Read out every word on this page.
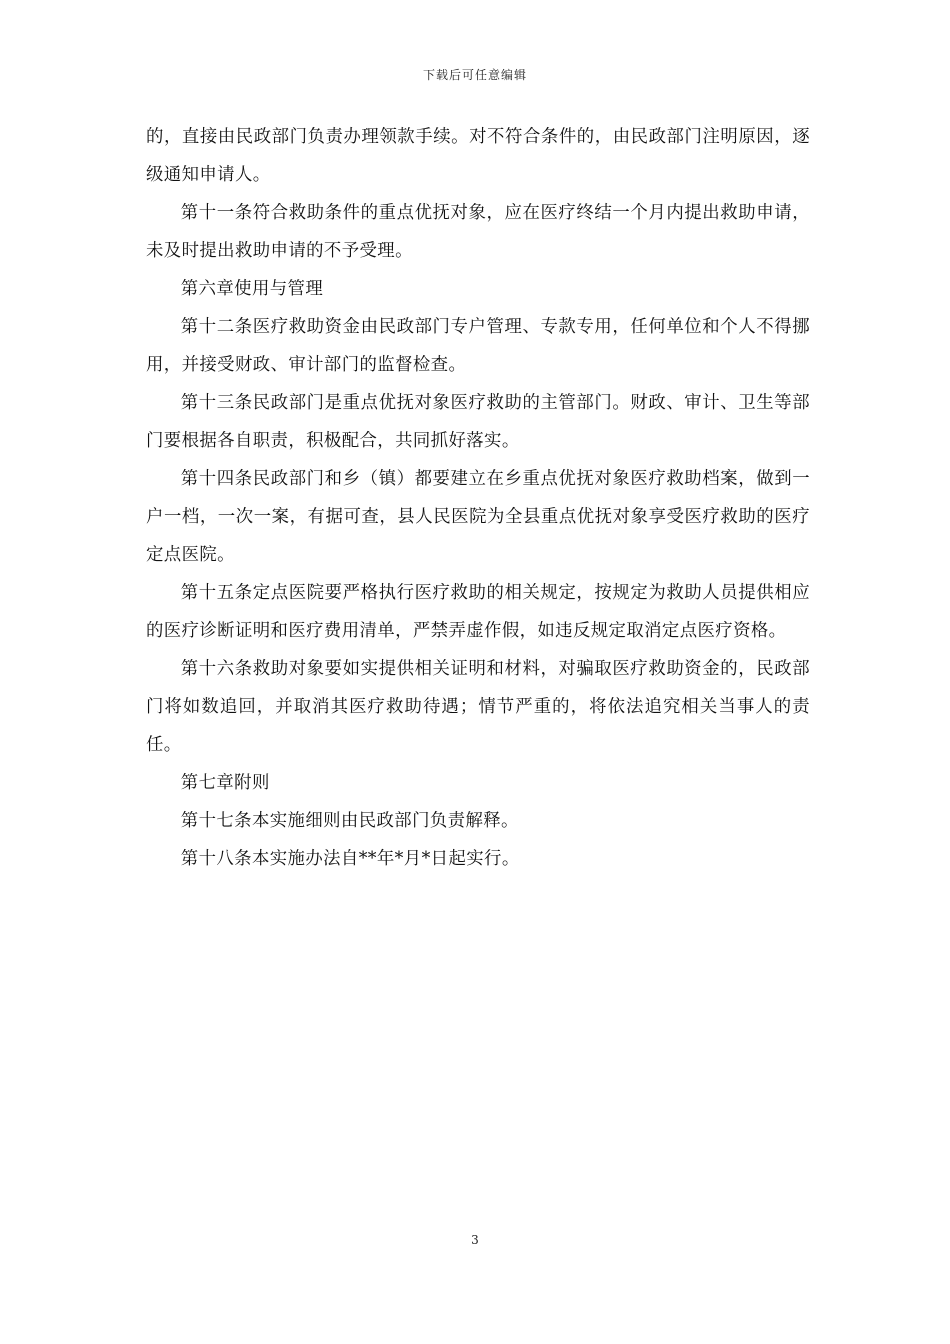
下载后可任意编辑

的，直接由民政部门负责办理领款手续。对不符合条件的，由民政部门注明原因，逐级通知申请人。

第十一条符合救助条件的重点优抚对象，应在医疗终结一个月内提出救助申请，未及时提出救助申请的不予受理。

第六章使用与管理

第十二条医疗救助资金由民政部门专户管理、专款专用，任何单位和个人不得挪用，并接受财政、审计部门的监督检查。

第十三条民政部门是重点优抚对象医疗救助的主管部门。财政、审计、卫生等部门要根据各自职责，积极配合，共同抓好落实。

第十四条民政部门和乡（镇）都要建立在乡重点优抚对象医疗救助档案，做到一户一档，一次一案，有据可查，县人民医院为全县重点优抚对象享受医疗救助的医疗定点医院。

第十五条定点医院要严格执行医疗救助的相关规定，按规定为救助人员提供相应的医疗诊断证明和医疗费用清单，严禁弄虚作假，如违反规定取消定点医疗资格。

第十六条救助对象要如实提供相关证明和材料，对骗取医疗救助资金的，民政部门将如数追回，并取消其医疗救助待遇；情节严重的，将依法追究相关当事人的责任。

第七章附则

第十七条本实施细则由民政部门负责解释。

第十八条本实施办法自**年*月*日起实行。

3
